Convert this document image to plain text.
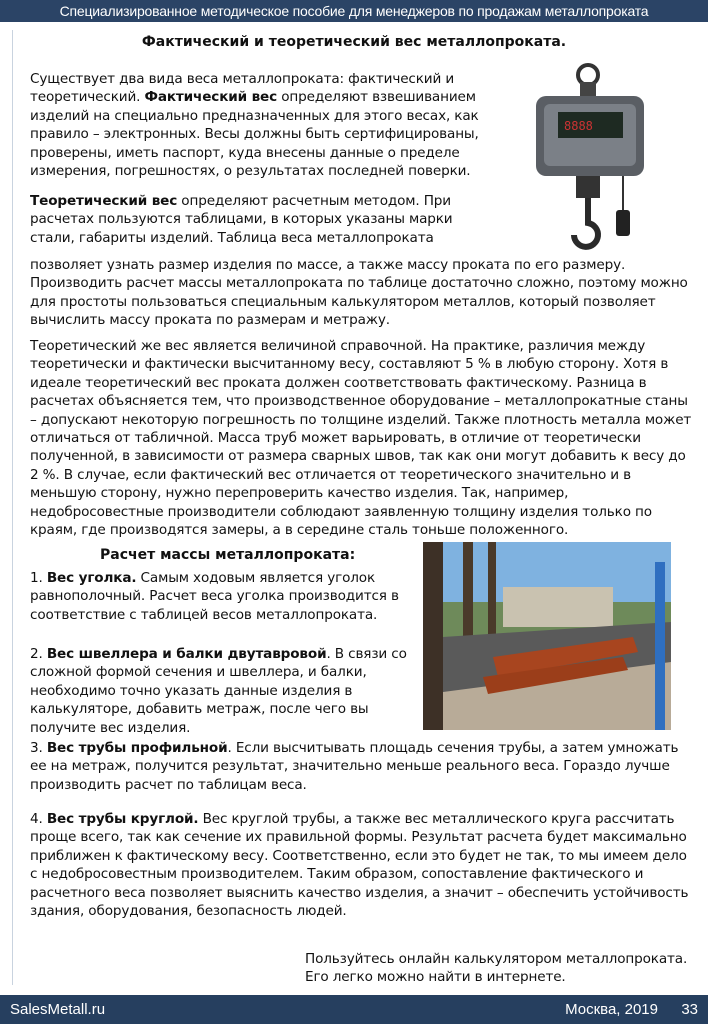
Специализированное методическое пособие для менеджеров по продажам металлопроката
Фактический и теоретический вес металлопроката.
Существует два вида веса металлопроката: фактический и теоретический. Фактический вес определяют взвешиванием изделий на специально предназначенных для этого весах, как правило – электронных. Весы должны быть сертифицированы, проверены, иметь паспорт, куда внесены данные о пределе измерения, погрешностях, о результатах последней поверки.
8888
Теоретический вес определяют расчетным методом. При расчетах пользуются таблицами, в которых указаны марки стали, габариты изделий. Таблица веса металлопроката
позволяет узнать размер изделия по массе, а также массу проката по его размеру. Производить расчет массы металлопроката по таблице достаточно сложно, поэтому можно для простоты пользоваться специальным калькулятором металлов, который позволяет вычислить массу проката по размерам и метражу.
Теоретический же вес является величиной справочной. На практике, различия между теоретически и фактически высчитанному весу, составляют 5 % в любую сторону. Хотя в идеале теоретический вес проката должен соответствовать фактическому. Разница в расчетах объясняется тем, что производственное оборудование – металлопрокатные станы – допускают некоторую погрешность по толщине изделий. Также плотность металла может отличаться от табличной. Масса труб может варьировать, в отличие от теоретически полученной, в зависимости от размера сварных швов, так как они могут добавить к весу до 2 %. В случае, если фактический вес отличается от теоретического значительно и в меньшую сторону, нужно перепроверить качество изделия. Так, например, недобросовестные производители соблюдают заявленную толщину изделия только по краям, где производятся замеры, а в середине сталь тоньше положенного.
Расчет массы металлопроката:
1. Вес уголка. Самым ходовым является уголок равнополочный. Расчет веса уголка производится в соответствие с таблицей весов металлопроката.
2. Вес швеллера и балки двутавровой. В связи со сложной формой сечения и швеллера, и балки, необходимо точно указать данные изделия в калькуляторе, добавить метраж, после чего вы получите вес изделия.
3. Вес трубы профильной. Если высчитывать площадь сечения трубы, а затем умножать ее на метраж, получится результат, значительно меньше реального веса. Гораздо лучше производить расчет по таблицам веса.
4. Вес трубы круглой. Вес круглой трубы, а также вес металлического круга рассчитать проще всего, так как сечение их правильной формы. Результат расчета будет максимально приближен к фактическому весу. Соответственно, если это будет не так, то мы имеем дело с недобросовестным производителем. Таким образом, сопоставление фактического и расчетного веса позволяет выяснить качество изделия, а значит – обеспечить устойчивость здания, оборудования, безопасность людей.
Пользуйтесь онлайн калькулятором металлопроката.
Его легко можно найти в интернете.
SalesMetall.ru	Москва, 2019 33
